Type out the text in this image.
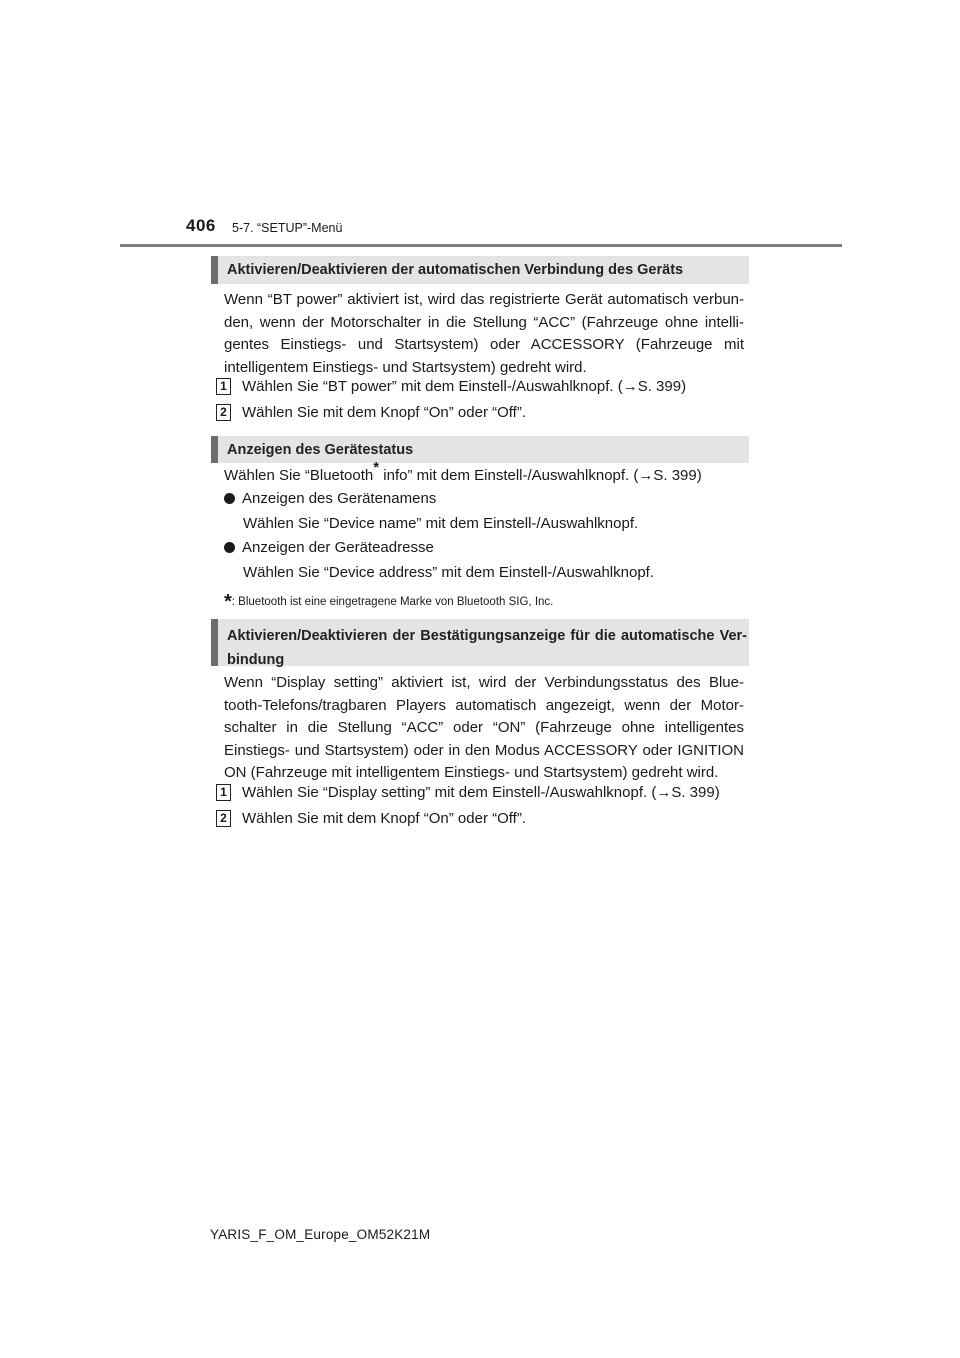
406 5-7. “SETUP”-Menü
Aktivieren/Deaktivieren der automatischen Verbindung des Geräts
Wenn “BT power” aktiviert ist, wird das registrierte Gerät automatisch verbun-
den, wenn der Motorschalter in die Stellung “ACC” (Fahrzeuge ohne intelli-
gentes Einstiegs- und Startsystem) oder ACCESSORY (Fahrzeuge mit
intelligentem Einstiegs- und Startsystem) gedreht wird.
1 Wählen Sie “BT power” mit dem Einstell-/Auswahlknopf. (→S. 399)
2 Wählen Sie mit dem Knopf “On” oder “Off”.
Anzeigen des Gerätestatus
Wählen Sie “Bluetooth* info” mit dem Einstell-/Auswahlknopf. (→S. 399)
Anzeigen des Gerätenamens
Wählen Sie “Device name” mit dem Einstell-/Auswahlknopf.
Anzeigen der Geräteadresse
Wählen Sie “Device address” mit dem Einstell-/Auswahlknopf.
*: Bluetooth ist eine eingetragene Marke von Bluetooth SIG, Inc.
Aktivieren/Deaktivieren der Bestätigungsanzeige für die automatische Ver-
bindung
Wenn “Display setting” aktiviert ist, wird der Verbindungsstatus des Blue-
tooth-Telefons/tragbaren Players automatisch angezeigt, wenn der Motor-
schalter in die Stellung “ACC” oder “ON” (Fahrzeuge ohne intelligentes
Einstiegs- und Startsystem) oder in den Modus ACCESSORY oder IGNITION
ON (Fahrzeuge mit intelligentem Einstiegs- und Startsystem) gedreht wird.
1 Wählen Sie “Display setting” mit dem Einstell-/Auswahlknopf. (→S. 399)
2 Wählen Sie mit dem Knopf “On” oder “Off”.
YARIS_F_OM_Europe_OM52K21M
